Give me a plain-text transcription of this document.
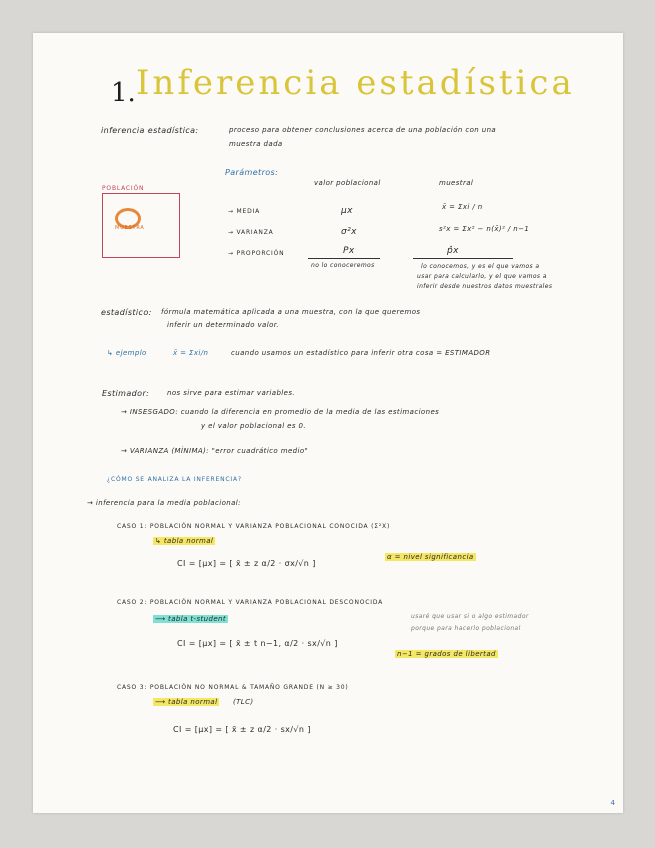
1. Inferencia estadística
inferencia estadística:	proceso para obtener conclusiones acerca de una población con una
muestra dada
Parámetros:
valor poblacional	muestral
POBLACIÓN
MUESTRA
→ MEDIA	μx	x̄ = Σxi / n
→ VARIANZA	σ²x	s²x = Σx² − n(x̄)² / n−1
→ PROPORCIÓN	Px	p̂x
no lo conoceremos	lo conocemos, y es el que vamos a
usar para calcularlo, y el que vamos a
inferir desde nuestros datos muestrales
estadístico: fórmula matemática aplicada a una muestra, con la que queremos
inferir un determinado valor.
↳ ejemplo	x̄ = Σxi/n	cuando usamos un estadístico para inferir otra cosa = ESTIMADOR
Estimador:	nos sirve para estimar variables.
→ INSESGADO: cuando la diferencia en promedio de la media de las estimaciones
y el valor poblacional es 0.
→ VARIANZA (MÍNIMA): "error cuadrático medio"
¿CÓMO SE ANALIZA LA INFERENCIA?
→ inferencia para la media poblacional:
CASO 1: POBLACIÓN NORMAL Y VARIANZA POBLACIONAL CONOCIDA (Σ²X)
↳ tabla normal
CI = [μx] = [ x̄ ± z α/2 · σx/√n ]
α = nivel significancia
CASO 2: POBLACIÓN NORMAL Y VARIANZA POBLACIONAL DESCONOCIDA
⟶ tabla t-student
CI = [μx] = [ x̄ ± t n−1, α/2 · sx/√n ]
usaré que usar si o algo estimador
porque para hacerlo poblacional
n−1 = grados de libertad
CASO 3: POBLACIÓN NO NORMAL & TAMAÑO GRANDE (N ≥ 30)
⟶ tabla normal (TLC)
CI = [μx] = [ x̄ ± z α/2 · sx/√n ]
4
